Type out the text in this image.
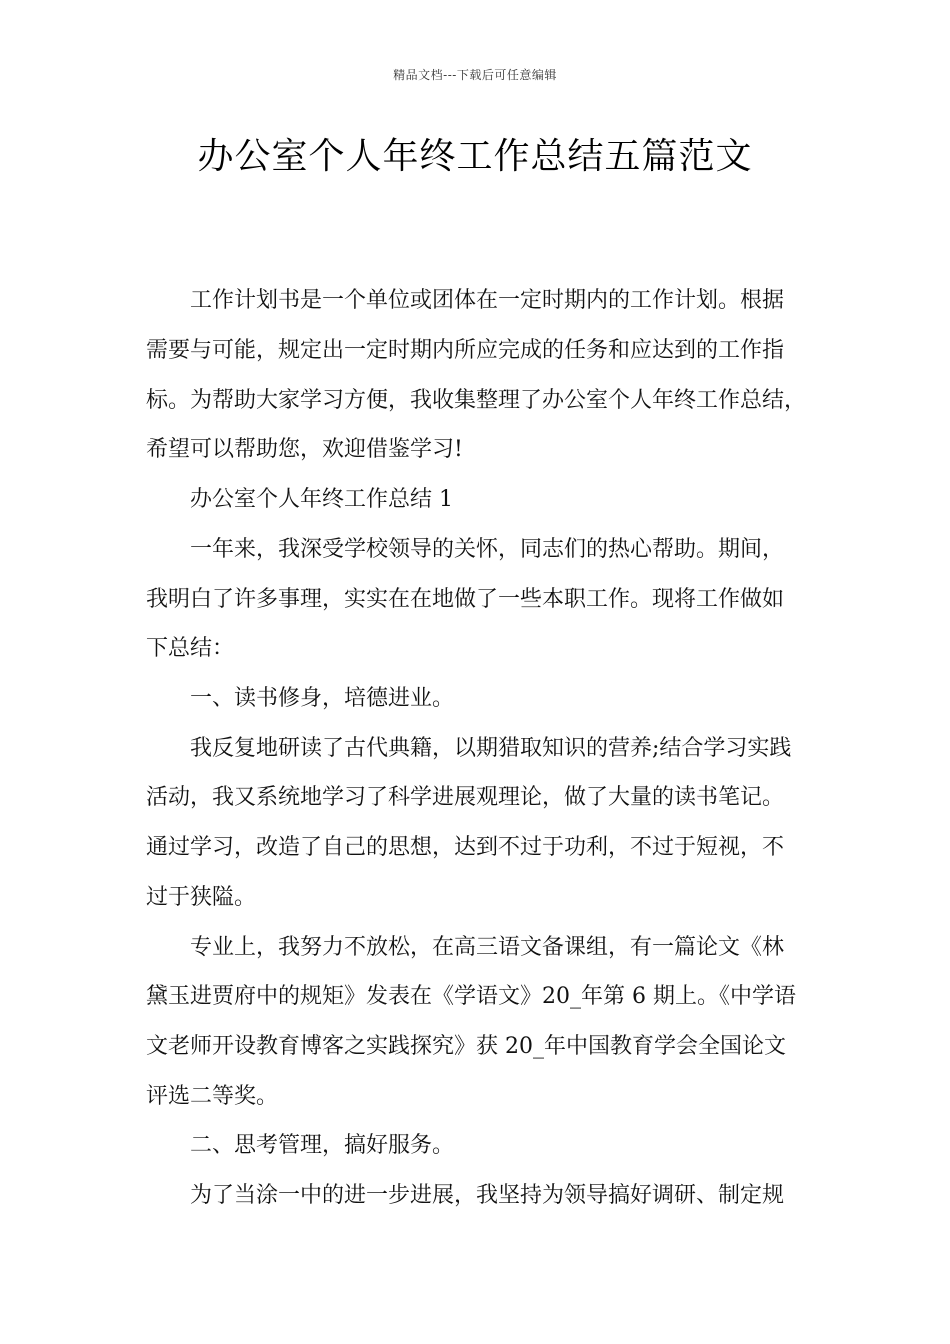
精品文档---下载后可任意编辑
办公室个人年终工作总结五篇范文
工作计划书是一个单位或团体在一定时期内的工作计划。根据
需要与可能，规定出一定时期内所应完成的任务和应达到的工作指
标。为帮助大家学习方便，我收集整理了办公室个人年终工作总结，
希望可以帮助您，欢迎借鉴学习!
办公室个人年终工作总结 1
一年来，我深受学校领导的关怀，同志们的热心帮助。期间，
我明白了许多事理，实实在在地做了一些本职工作。现将工作做如
下总结：
一、读书修身，培德进业。
我反复地研读了古代典籍，以期猎取知识的营养;结合学习实践
活动，我又系统地学习了科学进展观理论，做了大量的读书笔记。
通过学习，改造了自己的思想，达到不过于功利，不过于短视，不
过于狭隘。
专业上，我努力不放松，在高三语文备课组，有一篇论文《林
黛玉进贾府中的规矩》发表在《学语文》20_年第 6 期上。《中学语
文老师开设教育博客之实践探究》获 20_年中国教育学会全国论文
评选二等奖。
二、思考管理，搞好服务。
为了当涂一中的进一步进展，我坚持为领导搞好调研、制定规
